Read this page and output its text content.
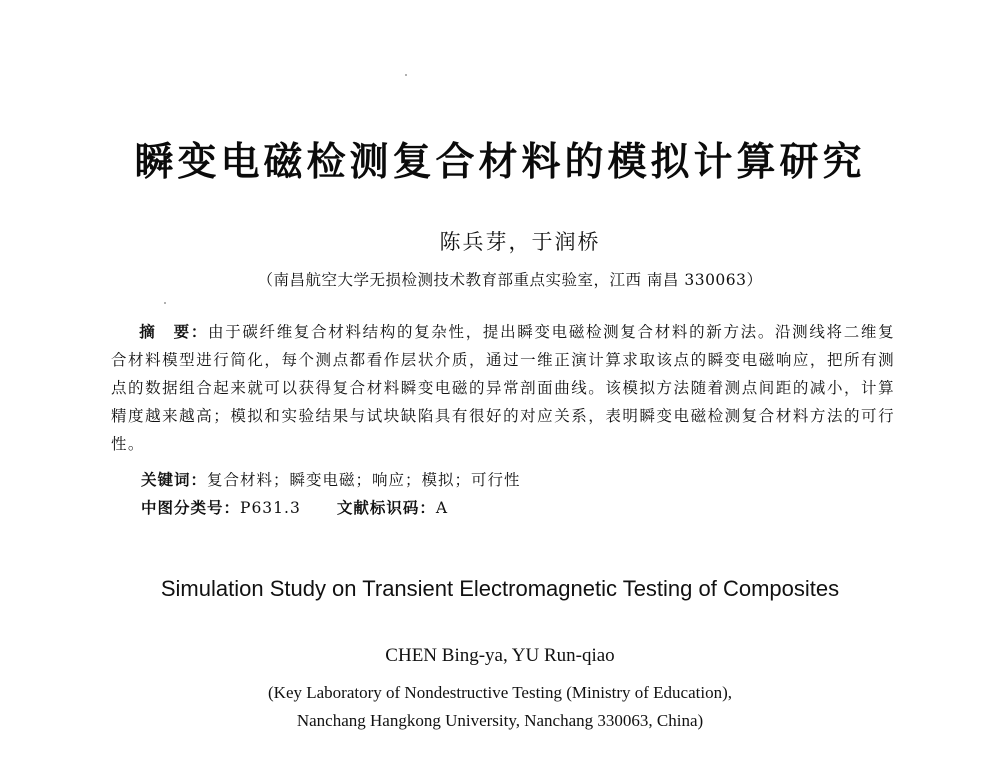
瞬变电磁检测复合材料的模拟计算研究
陈兵芽，于润桥
（南昌航空大学无损检测技术教育部重点实验室，江西 南昌 330063）
摘　要：由于碳纤维复合材料结构的复杂性，提出瞬变电磁检测复合材料的新方法。沿测线将二维复合材料模型进行简化，每个测点都看作层状介质，通过一维正演计算求取该点的瞬变电磁响应，把所有测点的数据组合起来就可以获得复合材料瞬变电磁的异常剖面曲线。该模拟方法随着测点间距的减小，计算精度越来越高；模拟和实验结果与试块缺陷具有很好的对应关系，表明瞬变电磁检测复合材料方法的可行性。
关键词：复合材料；瞬变电磁；响应；模拟；可行性
中图分类号：P631.3 文献标识码：A
Simulation Study on Transient Electromagnetic Testing of Composites
CHEN Bing-ya, YU Run-qiao
(Key Laboratory of Nondestructive Testing (Ministry of Education),
Nanchang Hangkong University, Nanchang 330063, China)
